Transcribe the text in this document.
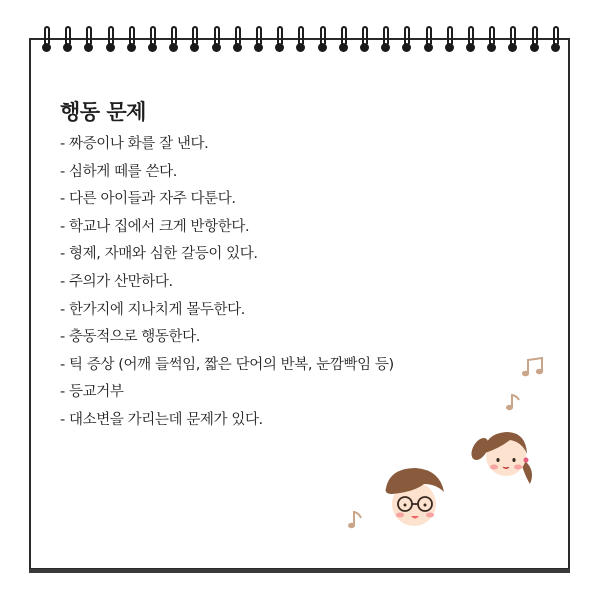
행동 문제
- 짜증이나 화를 잘 낸다.
- 심하게 떼를 쓴다.
- 다른 아이들과 자주 다툰다.
- 학교나 집에서 크게 반항한다.
- 형제, 자매와 심한 갈등이 있다.
- 주의가 산만하다.
- 한가지에 지나치게 몰두한다.
- 충동적으로 행동한다.
- 틱 증상 (어깨 들썩임, 짧은 단어의 반복, 눈깜빡임 등)
- 등교거부
- 대소변을 가리는데 문제가 있다.
